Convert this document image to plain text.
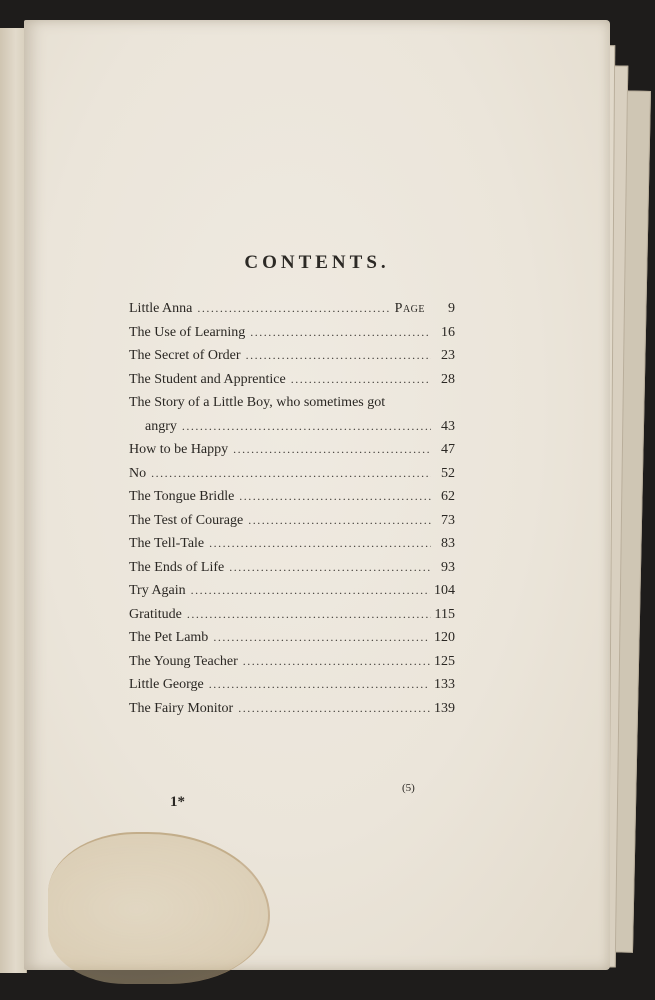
CONTENTS.
Little Anna .....	Page	9
The Use of Learning .....	16
The Secret of Order .....	23
The Student and Apprentice .....	28
The Story of a Little Boy, who sometimes got
angry .....	43
How to be Happy .....	47
No .....	52
The Tongue Bridle .....	62
The Test of Courage .....	73
The Tell-Tale .....	83
The Ends of Life .....	93
Try Again .....	104
Gratitude .....	115
The Pet Lamb .....	120
The Young Teacher .....	125
Little George .....	133
The Fairy Monitor .....	139
1*
(5)
